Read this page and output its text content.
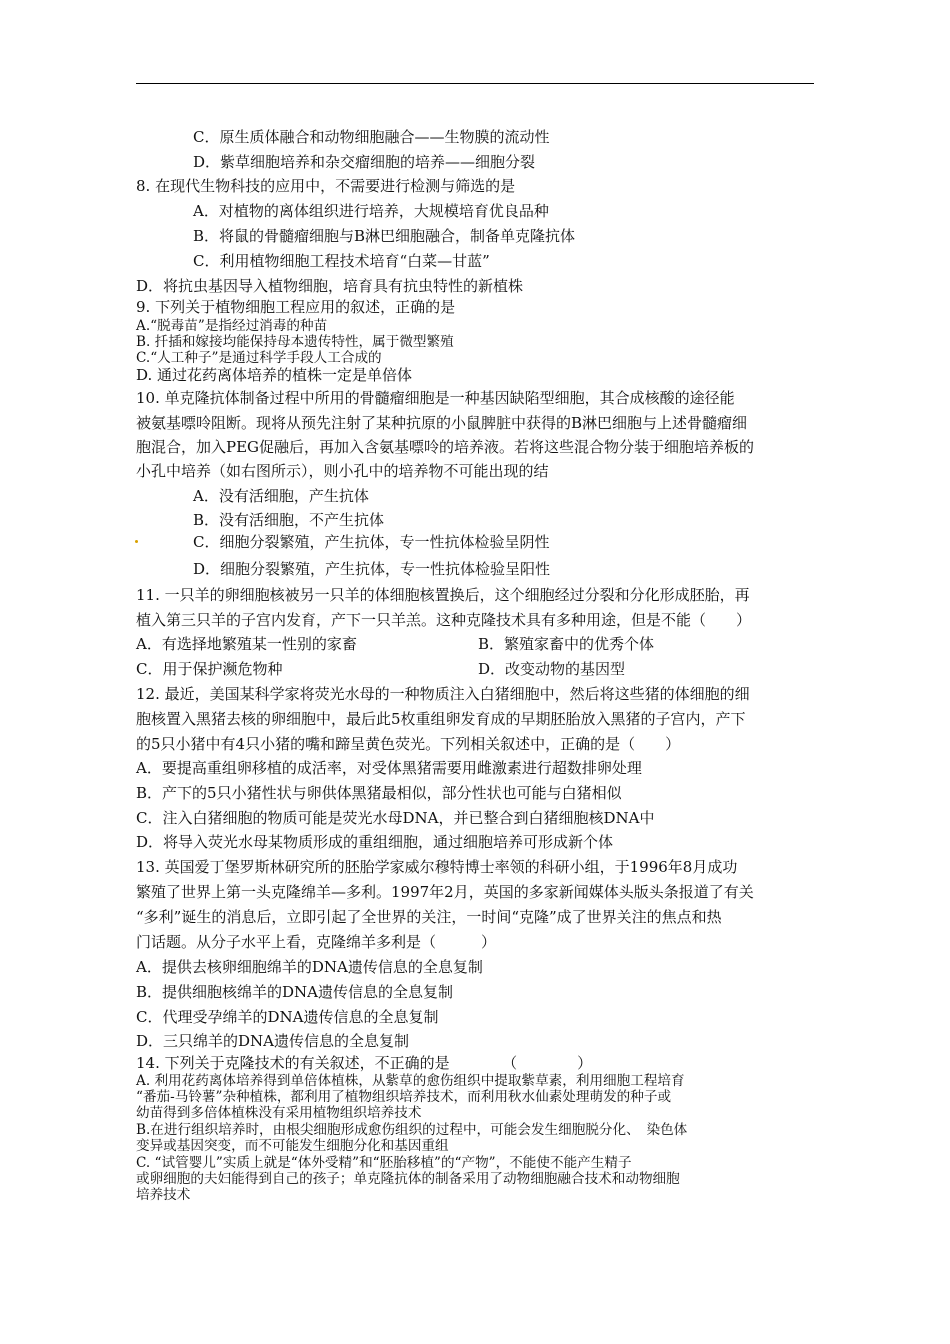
C．原生质体融合和动物细胞融合——生物膜的流动性
D．紫草细胞培养和杂交瘤细胞的培养——细胞分裂
8. 在现代生物科技的应用中，不需要进行检测与筛选的是
A．对植物的离体组织进行培养，大规模培育优良品种
B．将鼠的骨髓瘤细胞与B淋巴细胞融合，制备单克隆抗体
C．利用植物细胞工程技术培育“白菜—甘蓝”
D．将抗虫基因导入植物细胞，培育具有抗虫特性的新植株
9. 下列关于植物细胞工程应用的叙述，正确的是
A.“脱毒苗”是指经过消毒的种苗
B. 扦插和嫁接均能保持母本遗传特性，属于微型繁殖
C.“人工种子”是通过科学手段人工合成的
D. 通过花药离体培养的植株一定是单倍体
10. 单克隆抗体制备过程中所用的骨髓瘤细胞是一种基因缺陷型细胞，其合成核酸的途径能
被氨基嘌呤阻断。现将从预先注射了某种抗原的小鼠脾脏中获得的B淋巴细胞与上述骨髓瘤细
胞混合，加入PEG促融后，再加入含氨基嘌呤的培养液。若将这些混合物分装于细胞培养板的
小孔中培养（如右图所示），则小孔中的培养物不可能出现的结
A．没有活细胞，产生抗体
B．没有活细胞，不产生抗体
C．细胞分裂繁殖，产生抗体，专一性抗体检验呈阴性
D．细胞分裂繁殖，产生抗体，专一性抗体检验呈阳性
11. 一只羊的卵细胞核被另一只羊的体细胞核置换后，这个细胞经过分裂和分化形成胚胎，再
植入第三只羊的子宫内发育，产下一只羊羔。这种克隆技术具有多种用途，但是不能（　　）
A．有选择地繁殖某一性别的家畜	B．繁殖家畜中的优秀个体
C．用于保护濒危物种	D．改变动物的基因型
12. 最近，美国某科学家将荧光水母的一种物质注入白猪细胞中，然后将这些猪的体细胞的细
胞核置入黑猪去核的卵细胞中，最后此5枚重组卵发育成的早期胚胎放入黑猪的子宫内，产下
的5只小猪中有4只小猪的嘴和蹄呈黄色荧光。下列相关叙述中，正确的是（　　）
A．要提高重组卵移植的成活率，对受体黑猪需要用雌激素进行超数排卵处理
B．产下的5只小猪性状与卵供体黑猪最相似，部分性状也可能与白猪相似
C．注入白猪细胞的物质可能是荧光水母DNA，并已整合到白猪细胞核DNA中
D．将导入荧光水母某物质形成的重组细胞，通过细胞培养可形成新个体
13. 英国爱丁堡罗斯林研究所的胚胎学家威尔穆特博士率领的科研小组，于1996年8月成功
繁殖了世界上第一头克隆绵羊—多利。1997年2月，英国的多家新闻媒体头版头条报道了有关
“多利”诞生的消息后，立即引起了全世界的关注，一时间“克隆”成了世界关注的焦点和热
门话题。从分子水平上看，克隆绵羊多利是（　　　）
A．提供去核卵细胞绵羊的DNA遗传信息的全息复制
B．提供细胞核绵羊的DNA遗传信息的全息复制
C．代理受孕绵羊的DNA遗传信息的全息复制
D．三只绵羊的DNA遗传信息的全息复制
14. 下列关于克隆技术的有关叙述，不正确的是　　　　（　　　　）
A. 利用花药离体培养得到单倍体植株，从紫草的愈伤组织中提取紫草素，利用细胞工程培育
“番茄-马铃薯”杂种植株，都利用了植物组织培养技术，而利用秋水仙素处理萌发的种子或
幼苗得到多倍体植株没有采用植物组织培养技术
B.在进行组织培养时，由根尖细胞形成愈伤组织的过程中，可能会发生细胞脱分化、　染色体
变异或基因突变，而不可能发生细胞分化和基因重组
C. “试管婴儿”实质上就是“体外受精”和“胚胎移植”的“产物”，不能使不能产生精子
或卵细胞的夫妇能得到自己的孩子；单克隆抗体的制备采用了动物细胞融合技术和动物细胞
培养技术
